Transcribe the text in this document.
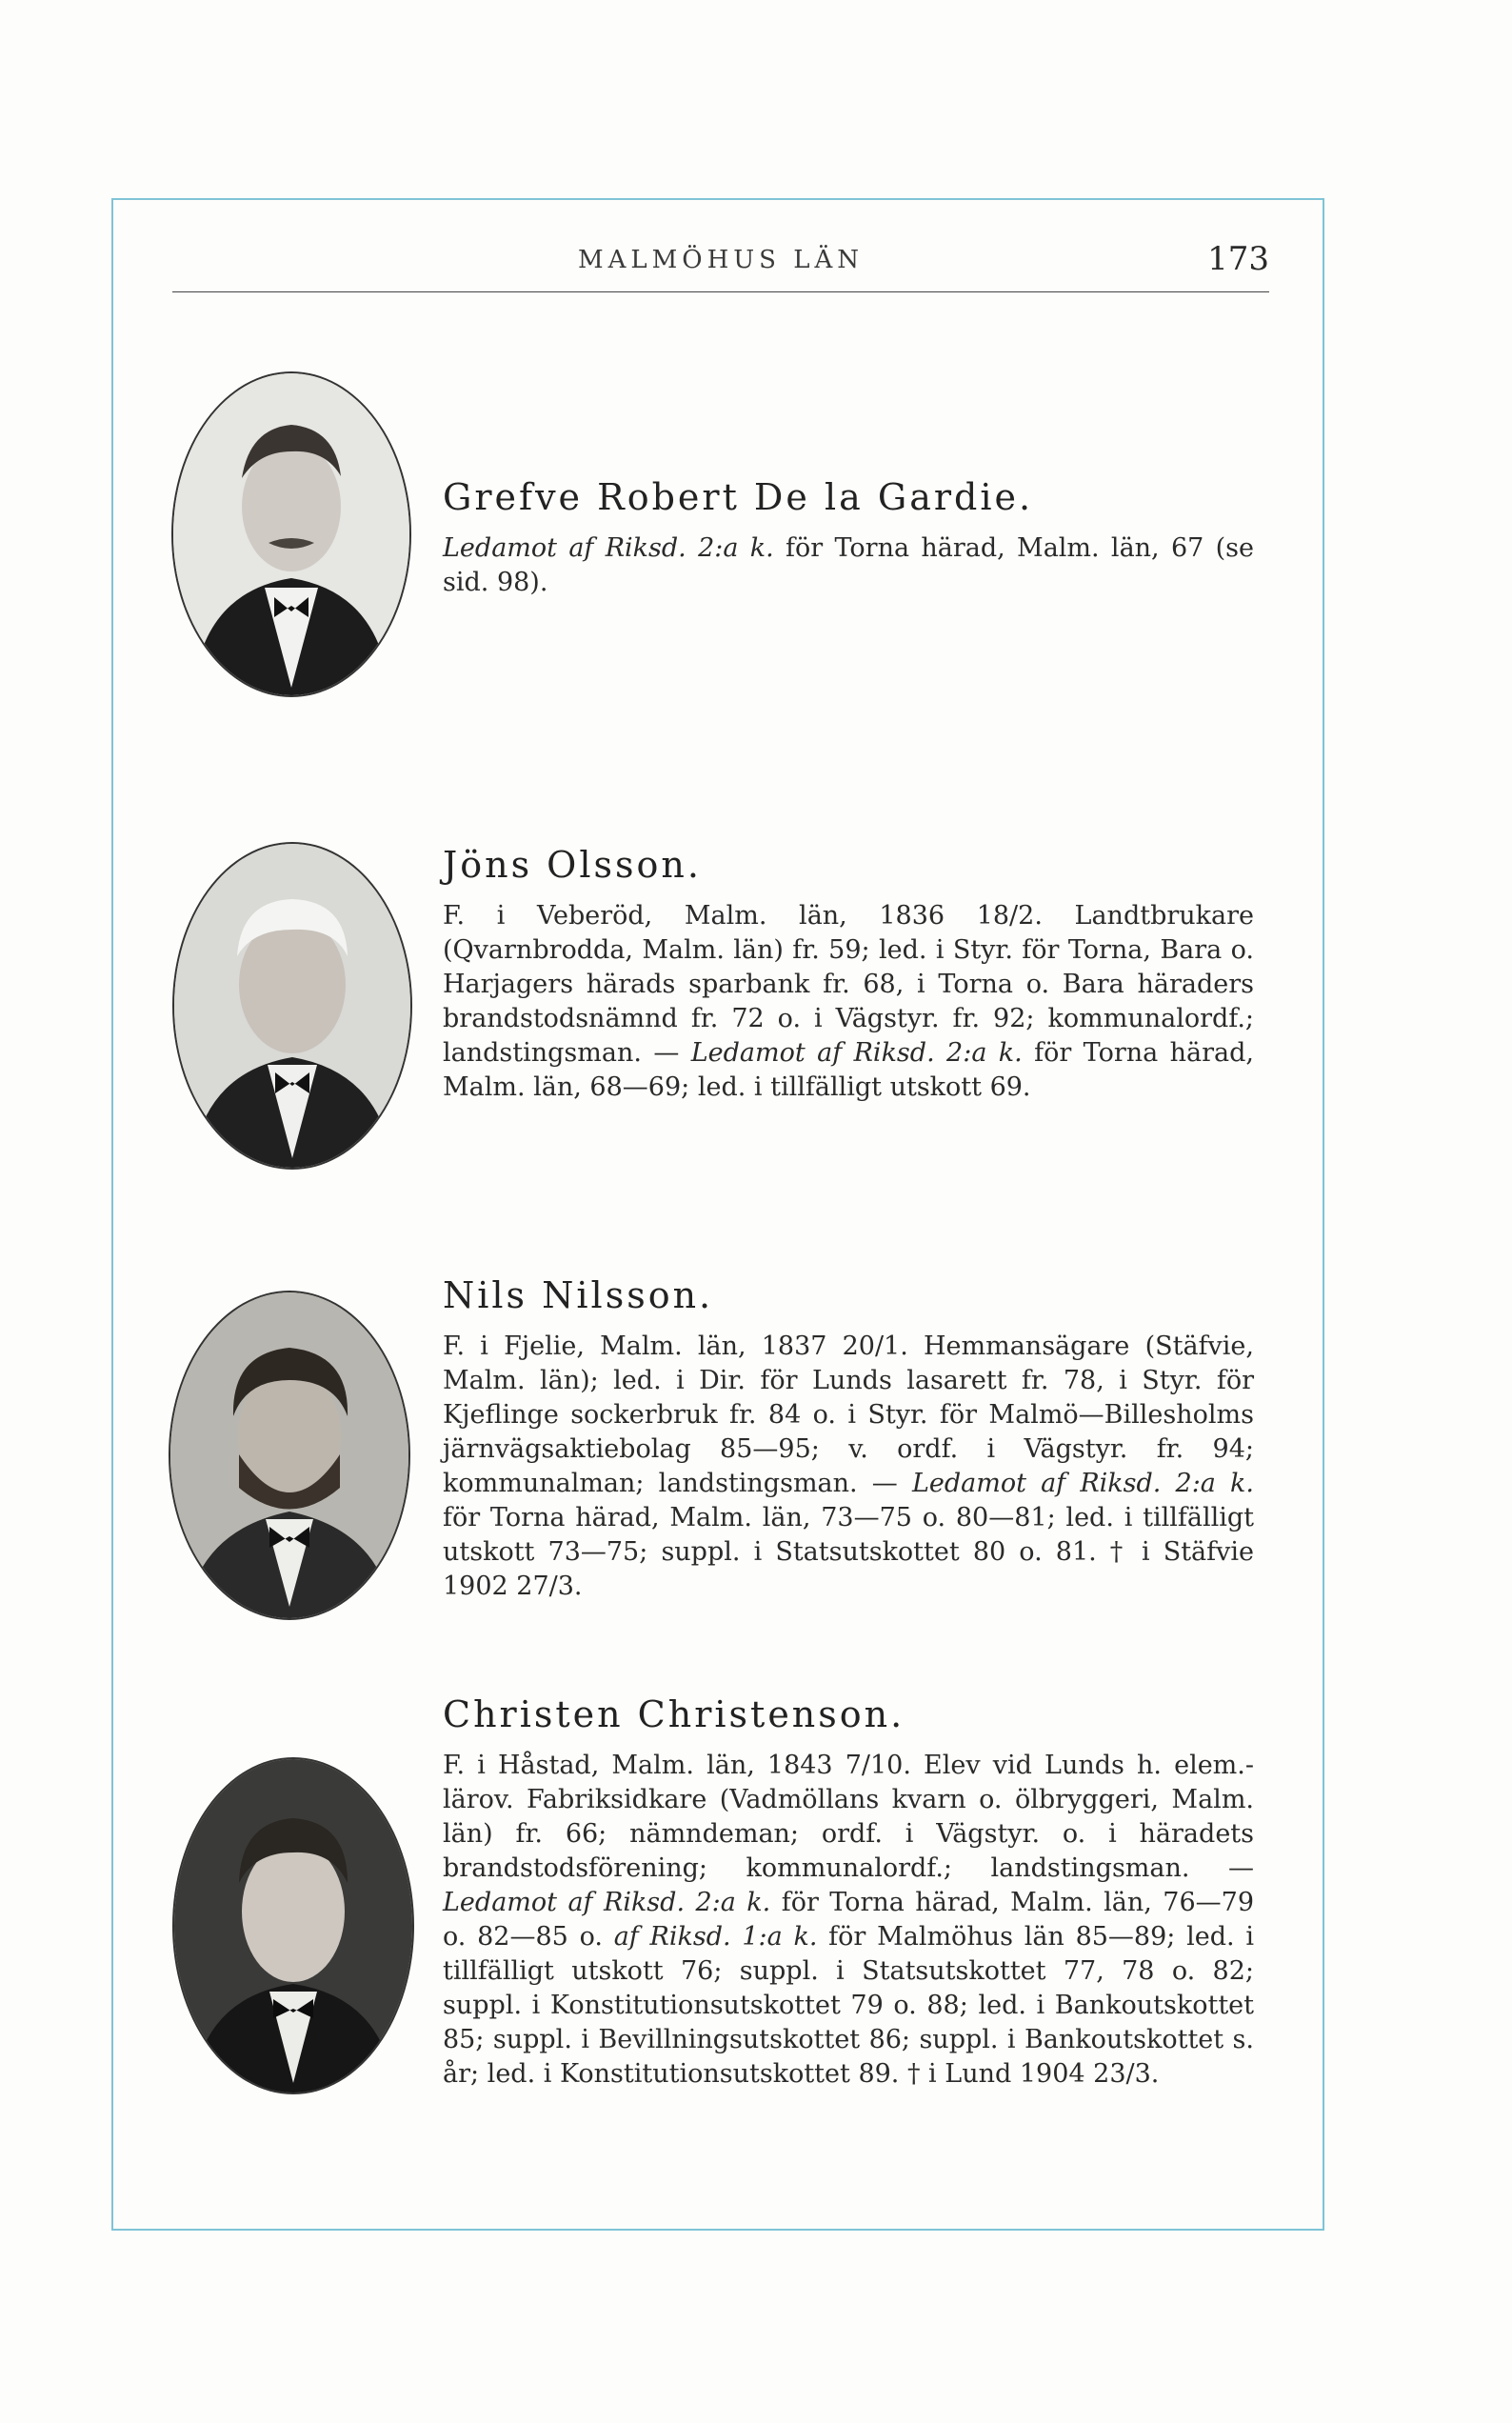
MALMÖHUS LÄN	173
Grefve Robert De la Gardie.

Ledamot af Riksd. 2:a k. för Torna härad, Malm. län, 67 (se sid. 98).

Jöns Olsson.

F. i Veberöd, Malm. län, 1836 18/2. Landtbrukare (Qvarnbrodda, Malm. län) fr. 59; led. i Styr. för Torna, Bara o. Harjagers härads sparbank fr. 68, i Torna o. Bara häraders brandstodsnämnd fr. 72 o. i Vägstyr. fr. 92; kommunalordf.; landstingsman. — Ledamot af Riksd. 2:a k. för Torna härad, Malm. län, 68—69; led. i tillfälligt utskott 69.

Nils Nilsson.

F. i Fjelie, Malm. län, 1837 20/1. Hemmansägare (Stäfvie, Malm. län); led. i Dir. för Lunds lasarett fr. 78, i Styr. för Kjeflinge sockerbruk fr. 84 o. i Styr. för Malmö—Billesholms järnvägsaktiebolag 85—95; v. ordf. i Vägstyr. fr. 94; kommunalman; landstingsman. — Ledamot af Riksd. 2:a k. för Torna härad, Malm. län, 73—75 o. 80—81; led. i tillfälligt utskott 73—75; suppl. i Statsutskottet 80 o. 81. † i Stäfvie 1902 27/3.

Christen Christenson.

F. i Håstad, Malm. län, 1843 7/10. Elev vid Lunds h. elem.-lärov. Fabriksidkare (Vadmöllans kvarn o. ölbryggeri, Malm. län) fr. 66; nämndeman; ordf. i Vägstyr. o. i häradets brandstodsförening; kommunalordf.; landstingsman. — Ledamot af Riksd. 2:a k. för Torna härad, Malm. län, 76—79 o. 82—85 o. af Riksd. 1:a k. för Malmöhus län 85—89; led. i tillfälligt utskott 76; suppl. i Statsutskottet 77, 78 o. 82; suppl. i Konstitutionsutskottet 79 o. 88; led. i Bankoutskottet 85; suppl. i Bevillningsutskottet 86; suppl. i Bankoutskottet s. år; led. i Konstitutionsutskottet 89. † i Lund 1904 23/3.
